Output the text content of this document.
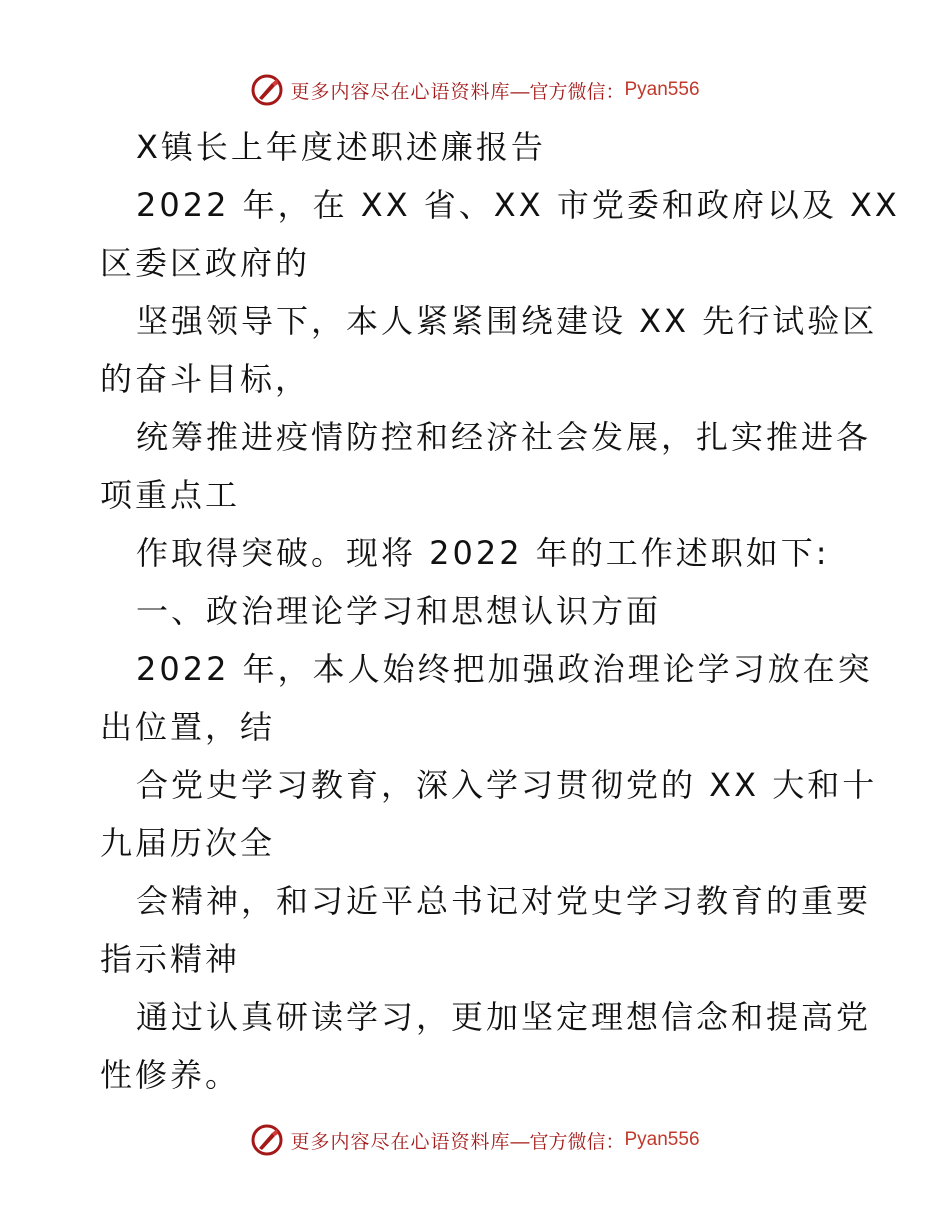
更多内容尽在心语资料库 —官方微信： Pyan556
X镇长上年度述职述廉报告
2022 年，在 XX 省、XX 市党委和政府以及 XX
区委区政府的
坚强领导下，本人紧紧围绕建设 XX 先行试验区
的奋斗目标，
统筹推进疫情防控和经济社会发展，扎实推进各
项重点工
作取得突破。现将 2022 年的工作述职如下:
一、政治理论学习和思想认识方面
2022 年，本人始终把加强政治理论学习放在突
出位置，结
合党史学习教育，深入学习贯彻党的 XX 大和十
九届历次全
会精神，和习近平总书记对党史学习教育的重要
指示精神
通过认真研读学习，更加坚定理想信念和提高党
性修养。
更多内容尽在心语资料库 —官方微信： Pyan556
